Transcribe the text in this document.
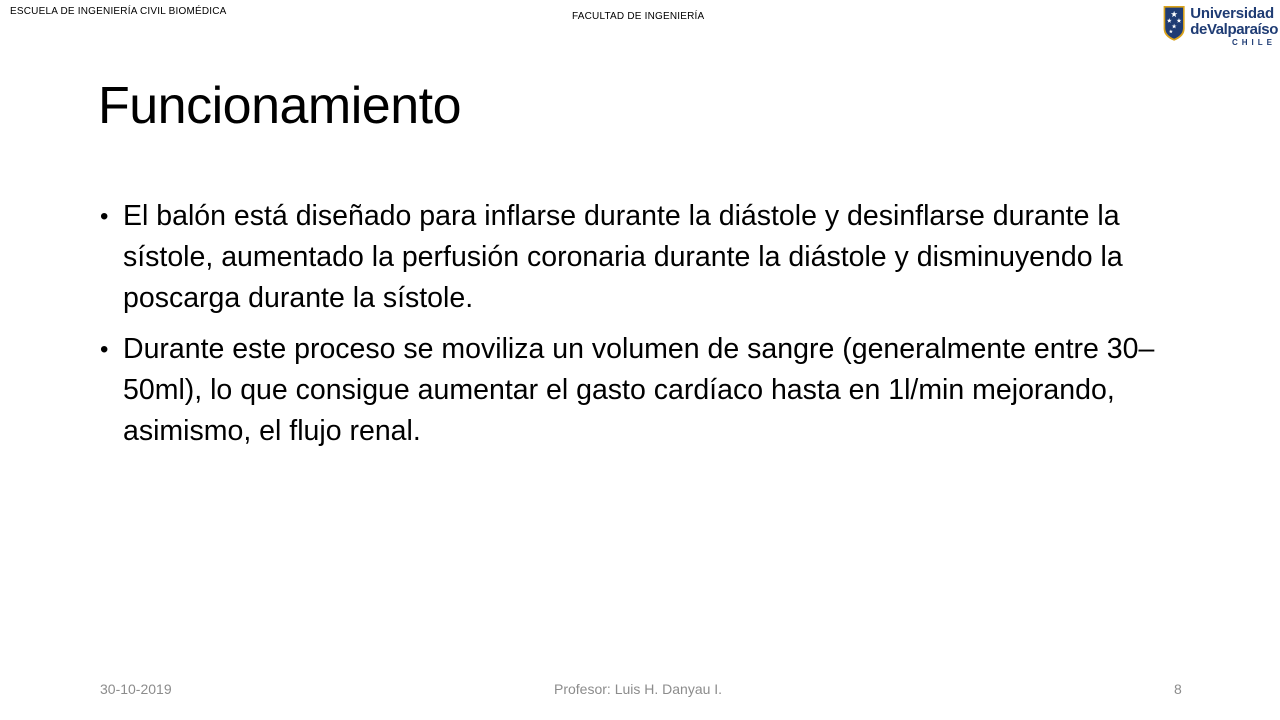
ESCUELA DE INGENIERÍA CIVIL BIOMÉDICA	FACULTAD DE INGENIERÍA	Universidad
deValparaíso
CHILE
Funcionamiento
• El balón está diseñado para inflarse durante la diástole y desinflarse durante la sístole, aumentado la perfusión coronaria durante la diástole y disminuyendo la poscarga durante la sístole.
• Durante este proceso se moviliza un volumen de sangre (generalmente entre 30–50ml), lo que consigue aumentar el gasto cardíaco hasta en 1l/min mejorando, asimismo, el flujo renal.
30-10-2019	Profesor: Luis H. Danyau I.	8
